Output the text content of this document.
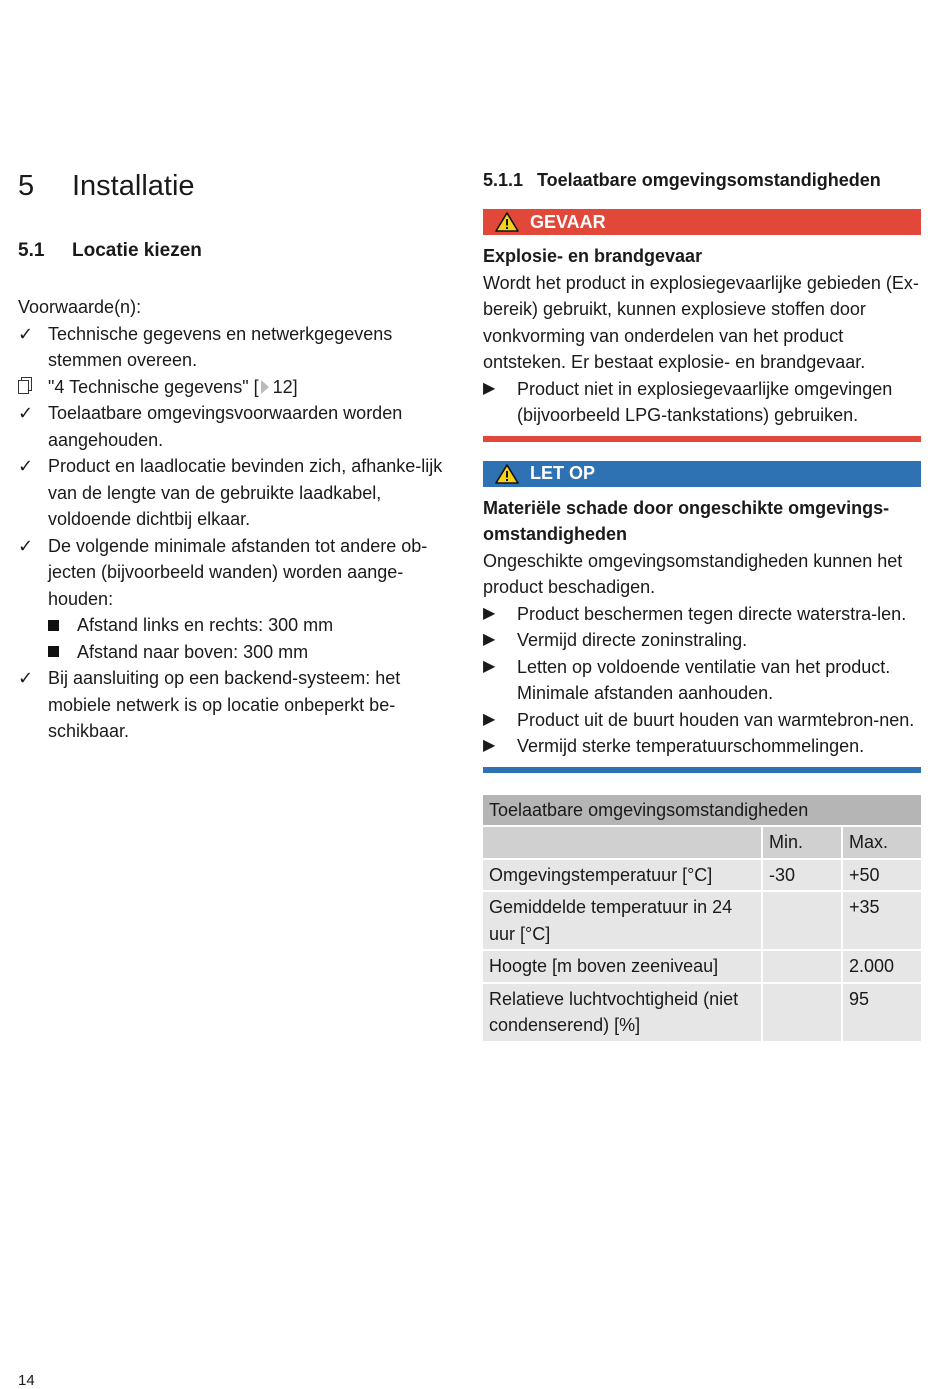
5	Installatie
5.1	Locatie kiezen
Voorwaarde(n):
✓ Technische gegevens en netwerkgegevens stemmen overeen.
"4 Technische gegevens" [ 12]
✓ Toelaatbare omgevingsvoorwaarden worden aangehouden.
✓ Product en laadlocatie bevinden zich, afhanke-lijk van de lengte van de gebruikte laadkabel, voldoende dichtbij elkaar.
✓ De volgende minimale afstanden tot andere ob-jecten (bijvoorbeeld wanden) worden aange-houden:
Afstand links en rechts: 300 mm
Afstand naar boven: 300 mm
✓ Bij aansluiting op een backend-systeem: het mobiele netwerk is op locatie onbeperkt be-schikbaar.
5.1.1 Toelaatbare omgevingsomstandigheden
GEVAAR
Explosie- en brandgevaar
Wordt het product in explosiegevaarlijke gebieden (Ex-bereik) gebruikt, kunnen explosieve stoffen door vonkvorming van onderdelen van het product ontsteken. Er bestaat explosie- en brandgevaar.
▶	Product niet in explosiegevaarlijke omgevingen (bijvoorbeeld LPG-tankstations) gebruiken.
LET OP
Materiële schade door ongeschikte omgevings-omstandigheden
Ongeschikte omgevingsomstandigheden kunnen het product beschadigen.
▶	Product beschermen tegen directe waterstra-len.
▶	Vermijd directe zoninstraling.
▶	Letten op voldoende ventilatie van het product. Minimale afstanden aanhouden.
▶	Product uit de buurt houden van warmtebron-nen.
▶	Vermijd sterke temperatuurschommelingen.
Toelaatbare omgevingsomstandigheden		
	Min.	Max.
Omgevingstemperatuur [°C]	-30	+50
Gemiddelde temperatuur in 24 uur [°C]		+35
Hoogte [m boven zeeniveau]		2.000
Relatieve luchtvochtigheid (niet condenserend) [%]		95
14
